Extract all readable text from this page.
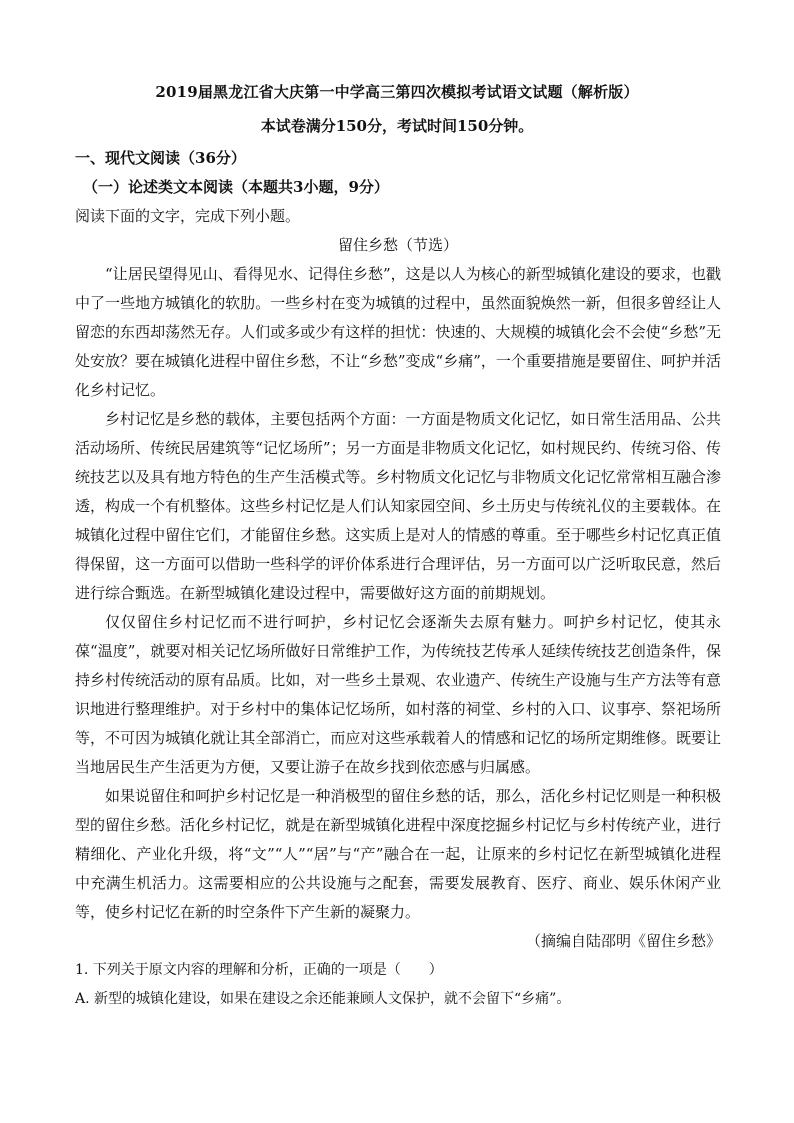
2019届黑龙江省大庆第一中学高三第四次模拟考试语文试题（解析版）
本试卷满分150分，考试时间150分钟。

一、现代文阅读（36分）

（一）论述类文本阅读（本题共3小题，9分）

阅读下面的文字，完成下列小题。

留住乡愁（节选）

“让居民望得见山、看得见水、记得住乡愁”，这是以人为核心的新型城镇化建设的要求，也戳中了一些地方城镇化的软肋。一些乡村在变为城镇的过程中，虽然面貌焕然一新，但很多曾经让人留恋的东西却荡然无存。人们或多或少有这样的担忧：快速的、大规模的城镇化会不会使“乡愁”无处安放？要在城镇化进程中留住乡愁，不让“乡愁”变成“乡痛”，一个重要措施是要留住、呵护并活化乡村记忆。

乡村记忆是乡愁的载体，主要包括两个方面：一方面是物质文化记忆，如日常生活用品、公共活动场所、传统民居建筑等“记忆场所”；另一方面是非物质文化记忆，如村规民约、传统习俗、传统技艺以及具有地方特色的生产生活模式等。乡村物质文化记忆与非物质文化记忆常常相互融合渗透，构成一个有机整体。这些乡村记忆是人们认知家园空间、乡土历史与传统礼仪的主要载体。在城镇化过程中留住它们，才能留住乡愁。这实质上是对人的情感的尊重。至于哪些乡村记忆真正值得保留，这一方面可以借助一些科学的评价体系进行合理评估，另一方面可以广泛听取民意，然后进行综合甄选。在新型城镇化建设过程中，需要做好这方面的前期规划。

仅仅留住乡村记忆而不进行呵护，乡村记忆会逐渐失去原有魅力。呵护乡村记忆，使其永葆“温度”，就要对相关记忆场所做好日常维护工作，为传统技艺传承人延续传统技艺创造条件，保持乡村传统活动的原有品质。比如，对一些乡土景观、农业遗产、传统生产设施与生产方法等有意识地进行整理维护。对于乡村中的集体记忆场所，如村落的祠堂、乡村的入口、议事亭、祭祀场所等，不可因为城镇化就让其全部消亡，而应对这些承载着人的情感和记忆的场所定期维修。既要让当地居民生产生活更为方便，又要让游子在故乡找到依恋感与归属感。

如果说留住和呵护乡村记忆是一种消极型的留住乡愁的话，那么，活化乡村记忆则是一种积极型的留住乡愁。活化乡村记忆，就是在新型城镇化进程中深度挖掘乡村记忆与乡村传统产业，进行精细化、产业化升级，将“文”“人”“居”与“产”融合在一起，让原来的乡村记忆在新型城镇化进程中充满生机活力。这需要相应的公共设施与之配套，需要发展教育、医疗、商业、娱乐休闲产业等，使乡村记忆在新的时空条件下产生新的凝聚力。

（摘编自陆邵明《留住乡愁》

1. 下列关于原文内容的理解和分析，正确的一项是（　　）

A. 新型的城镇化建设，如果在建设之余还能兼顾人文保护，就不会留下“乡痛”。
